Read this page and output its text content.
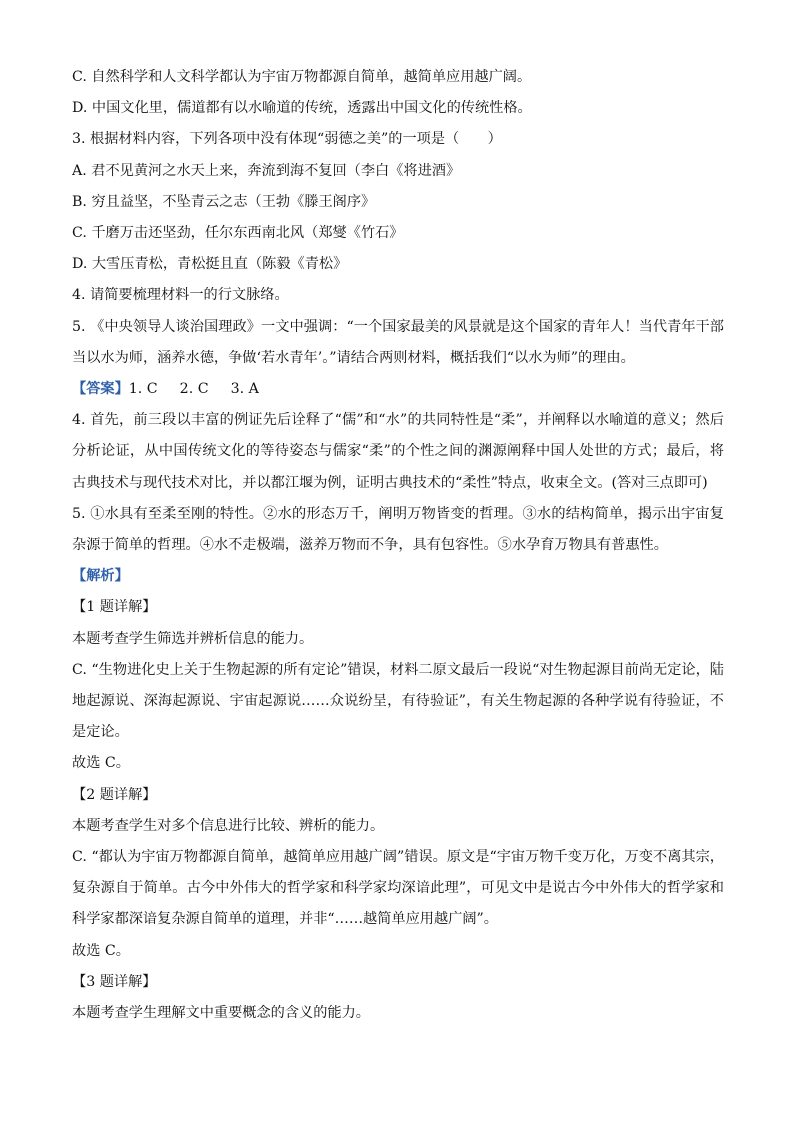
C. 自然科学和人文科学都认为宇宙万物都源自简单，越简单应用越广阔。

D. 中国文化里，儒道都有以水喻道的传统，透露出中国文化的传统性格。

3. 根据材料内容，下列各项中没有体现“弱德之美”的一项是（　　）

A. 君不见黄河之水天上来，奔流到海不复回（李白《将进酒》

B. 穷且益坚，不坠青云之志（王勃《滕王阁序》

C. 千磨万击还坚劲，任尔东西南北风（郑燮《竹石》

D. 大雪压青松，青松挺且直（陈毅《青松》

4. 请简要梳理材料一的行文脉络。

5. 《中央领导人谈治国理政》一文中强调：“一个国家最美的风景就是这个国家的青年人！当代青年干部当以水为师，涵养水德，争做‘若水青年’。”请结合两则材料，概括我们“以水为师”的理由。

【答案】1. C 2. C 3. A

4. 首先，前三段以丰富的例证先后诠释了“儒”和“水”的共同特性是“柔”，并阐释以水喻道的意义；然后分析论证，从中国传统文化的等待姿态与儒家“柔”的个性之间的渊源阐释中国人处世的方式；最后，将古典技术与现代技术对比，并以都江堰为例，证明古典技术的“柔性”特点，收束全文。(答对三点即可)

5. ①水具有至柔至刚的特性。②水的形态万千，阐明万物皆变的哲理。③水的结构简单，揭示出宇宙复杂源于简单的哲理。④水不走极端，滋养万物而不争，具有包容性。⑤水孕育万物具有普惠性。

【解析】

【1 题详解】

本题考查学生筛选并辨析信息的能力。

C. “生物进化史上关于生物起源的所有定论”错误，材料二原文最后一段说“对生物起源目前尚无定论，陆地起源说、深海起源说、宇宙起源说……众说纷呈，有待验证”，有关生物起源的各种学说有待验证，不是定论。

故选 C。

【2 题详解】

本题考查学生对多个信息进行比较、辨析的能力。

C. “都认为宇宙万物都源自简单，越简单应用越广阔”错误。原文是“宇宙万物千变万化，万变不离其宗，复杂源自于简单。古今中外伟大的哲学家和科学家均深谙此理”，可见文中是说古今中外伟大的哲学家和科学家都深谙复杂源自简单的道理，并非“……越简单应用越广阔”。

故选 C。

【3 题详解】

本题考查学生理解文中重要概念的含义的能力。
